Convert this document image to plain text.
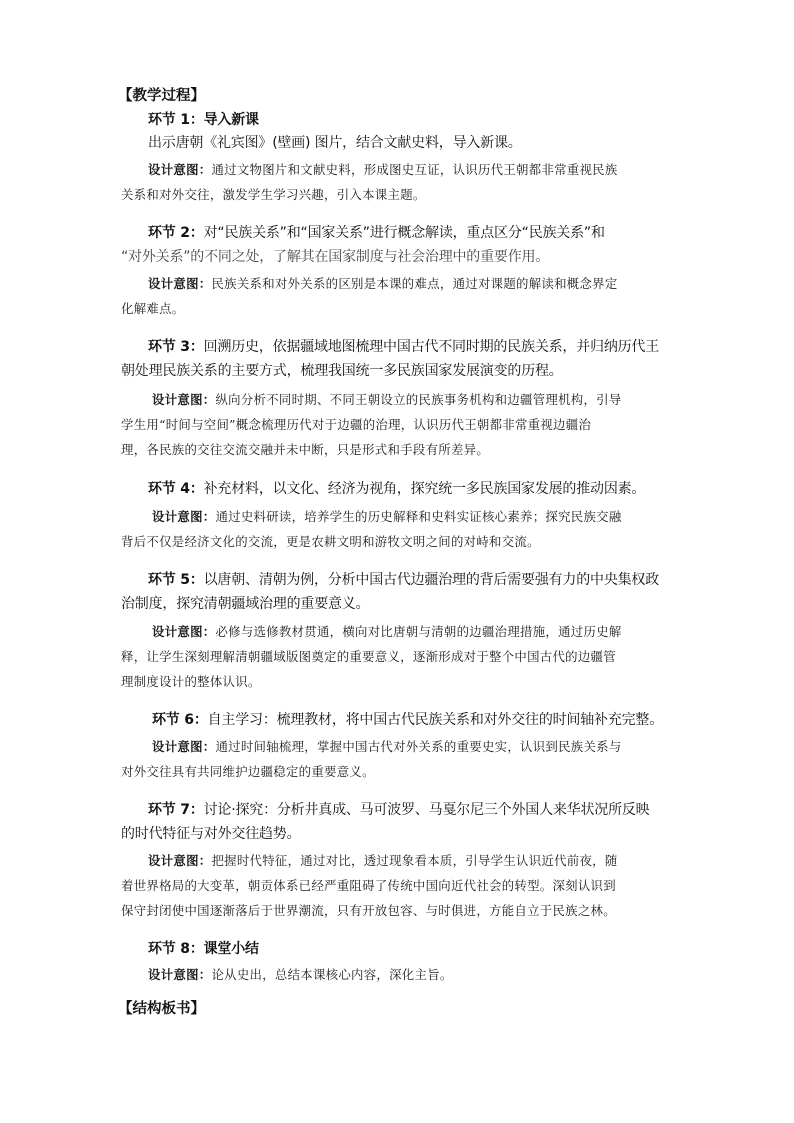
【教学过程】
环节 1：导入新课
出示唐朝《礼宾图》(壁画) 图片，结合文献史料，导入新课。
设计意图：通过文物图片和文献史料，形成图史互证，认识历代王朝都非常重视民族
关系和对外交往，激发学生学习兴趣，引入本课主题。
环节 2：对“民族关系”和“国家关系”进行概念解读，重点区分“民族关系”和
“对外关系”的不同之处，了解其在国家制度与社会治理中的重要作用。
设计意图：民族关系和对外关系的区别是本课的难点，通过对课题的解读和概念界定
化解难点。
环节 3：回溯历史，依据疆域地图梳理中国古代不同时期的民族关系，并归纳历代王
朝处理民族关系的主要方式，梳理我国统一多民族国家发展演变的历程。
设计意图：纵向分析不同时期、不同王朝设立的民族事务机构和边疆管理机构，引导
学生用“时间与空间”概念梳理历代对于边疆的治理，认识历代王朝都非常重视边疆治
理，各民族的交往交流交融并未中断，只是形式和手段有所差异。
环节 4：补充材料，以文化、经济为视角，探究统一多民族国家发展的推动因素。
设计意图：通过史料研读，培养学生的历史解释和史料实证核心素养；探究民族交融
背后不仅是经济文化的交流，更是农耕文明和游牧文明之间的对峙和交流。
环节 5：以唐朝、清朝为例，分析中国古代边疆治理的背后需要强有力的中央集权政
治制度，探究清朝疆域治理的重要意义。
设计意图：必修与选修教材贯通，横向对比唐朝与清朝的边疆治理措施，通过历史解
释，让学生深刻理解清朝疆域版图奠定的重要意义，逐渐形成对于整个中国古代的边疆管
理制度设计的整体认识。
环节 6：自主学习：梳理教材，将中国古代民族关系和对外交往的时间轴补充完整。
设计意图：通过时间轴梳理，掌握中国古代对外关系的重要史实，认识到民族关系与
对外交往具有共同维护边疆稳定的重要意义。
环节 7：讨论·探究：分析井真成、马可波罗、马戛尔尼三个外国人来华状况所反映
的时代特征与对外交往趋势。
设计意图：把握时代特征，通过对比，透过现象看本质，引导学生认识近代前夜，随
着世界格局的大变革，朝贡体系已经严重阻碍了传统中国向近代社会的转型。深刻认识到
保守封闭使中国逐渐落后于世界潮流，只有开放包容、与时俱进，方能自立于民族之林。
环节 8：课堂小结
设计意图：论从史出，总结本课核心内容，深化主旨。
【结构板书】
